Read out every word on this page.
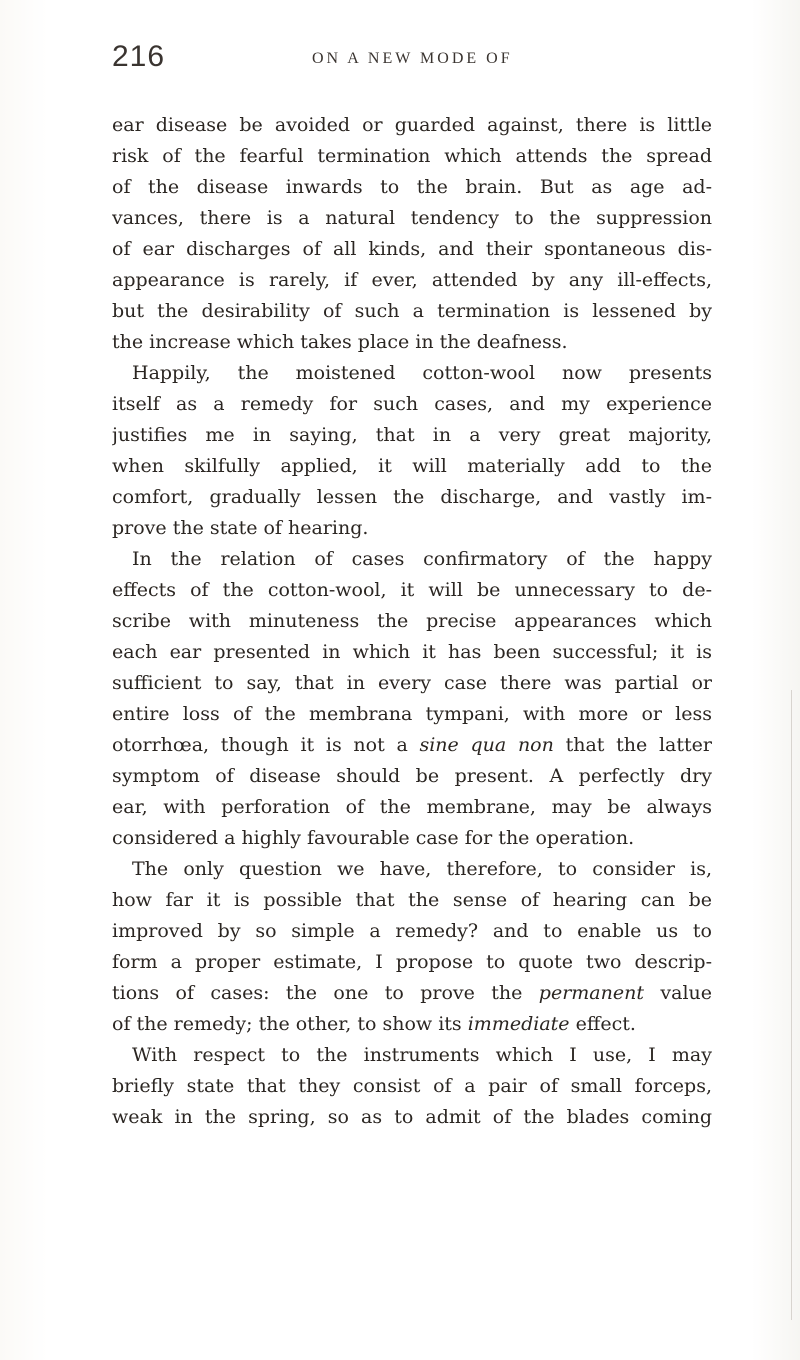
216	ON A NEW MODE OF
ear disease be avoided or guarded against, there is little
risk of the fearful termination which attends the spread
of the disease inwards to the brain. But as age ad-
vances, there is a natural tendency to the suppression
of ear discharges of all kinds, and their spontaneous dis-
appearance is rarely, if ever, attended by any ill-effects,
but the desirability of such a termination is lessened by
the increase which takes place in the deafness.
Happily, the moistened cotton-wool now presents
itself as a remedy for such cases, and my experience
justifies me in saying, that in a very great majority,
when skilfully applied, it will materially add to the
comfort, gradually lessen the discharge, and vastly im-
prove the state of hearing.
In the relation of cases confirmatory of the happy
effects of the cotton-wool, it will be unnecessary to de-
scribe with minuteness the precise appearances which
each ear presented in which it has been successful; it is
sufficient to say, that in every case there was partial or
entire loss of the membrana tympani, with more or less
otorrhœa, though it is not a sine qua non that the latter
symptom of disease should be present. A perfectly dry
ear, with perforation of the membrane, may be always
considered a highly favourable case for the operation.
The only question we have, therefore, to consider is,
how far it is possible that the sense of hearing can be
improved by so simple a remedy? and to enable us to
form a proper estimate, I propose to quote two descrip-
tions of cases: the one to prove the permanent value
of the remedy; the other, to show its immediate effect.
With respect to the instruments which I use, I may
briefly state that they consist of a pair of small forceps,
weak in the spring, so as to admit of the blades coming
